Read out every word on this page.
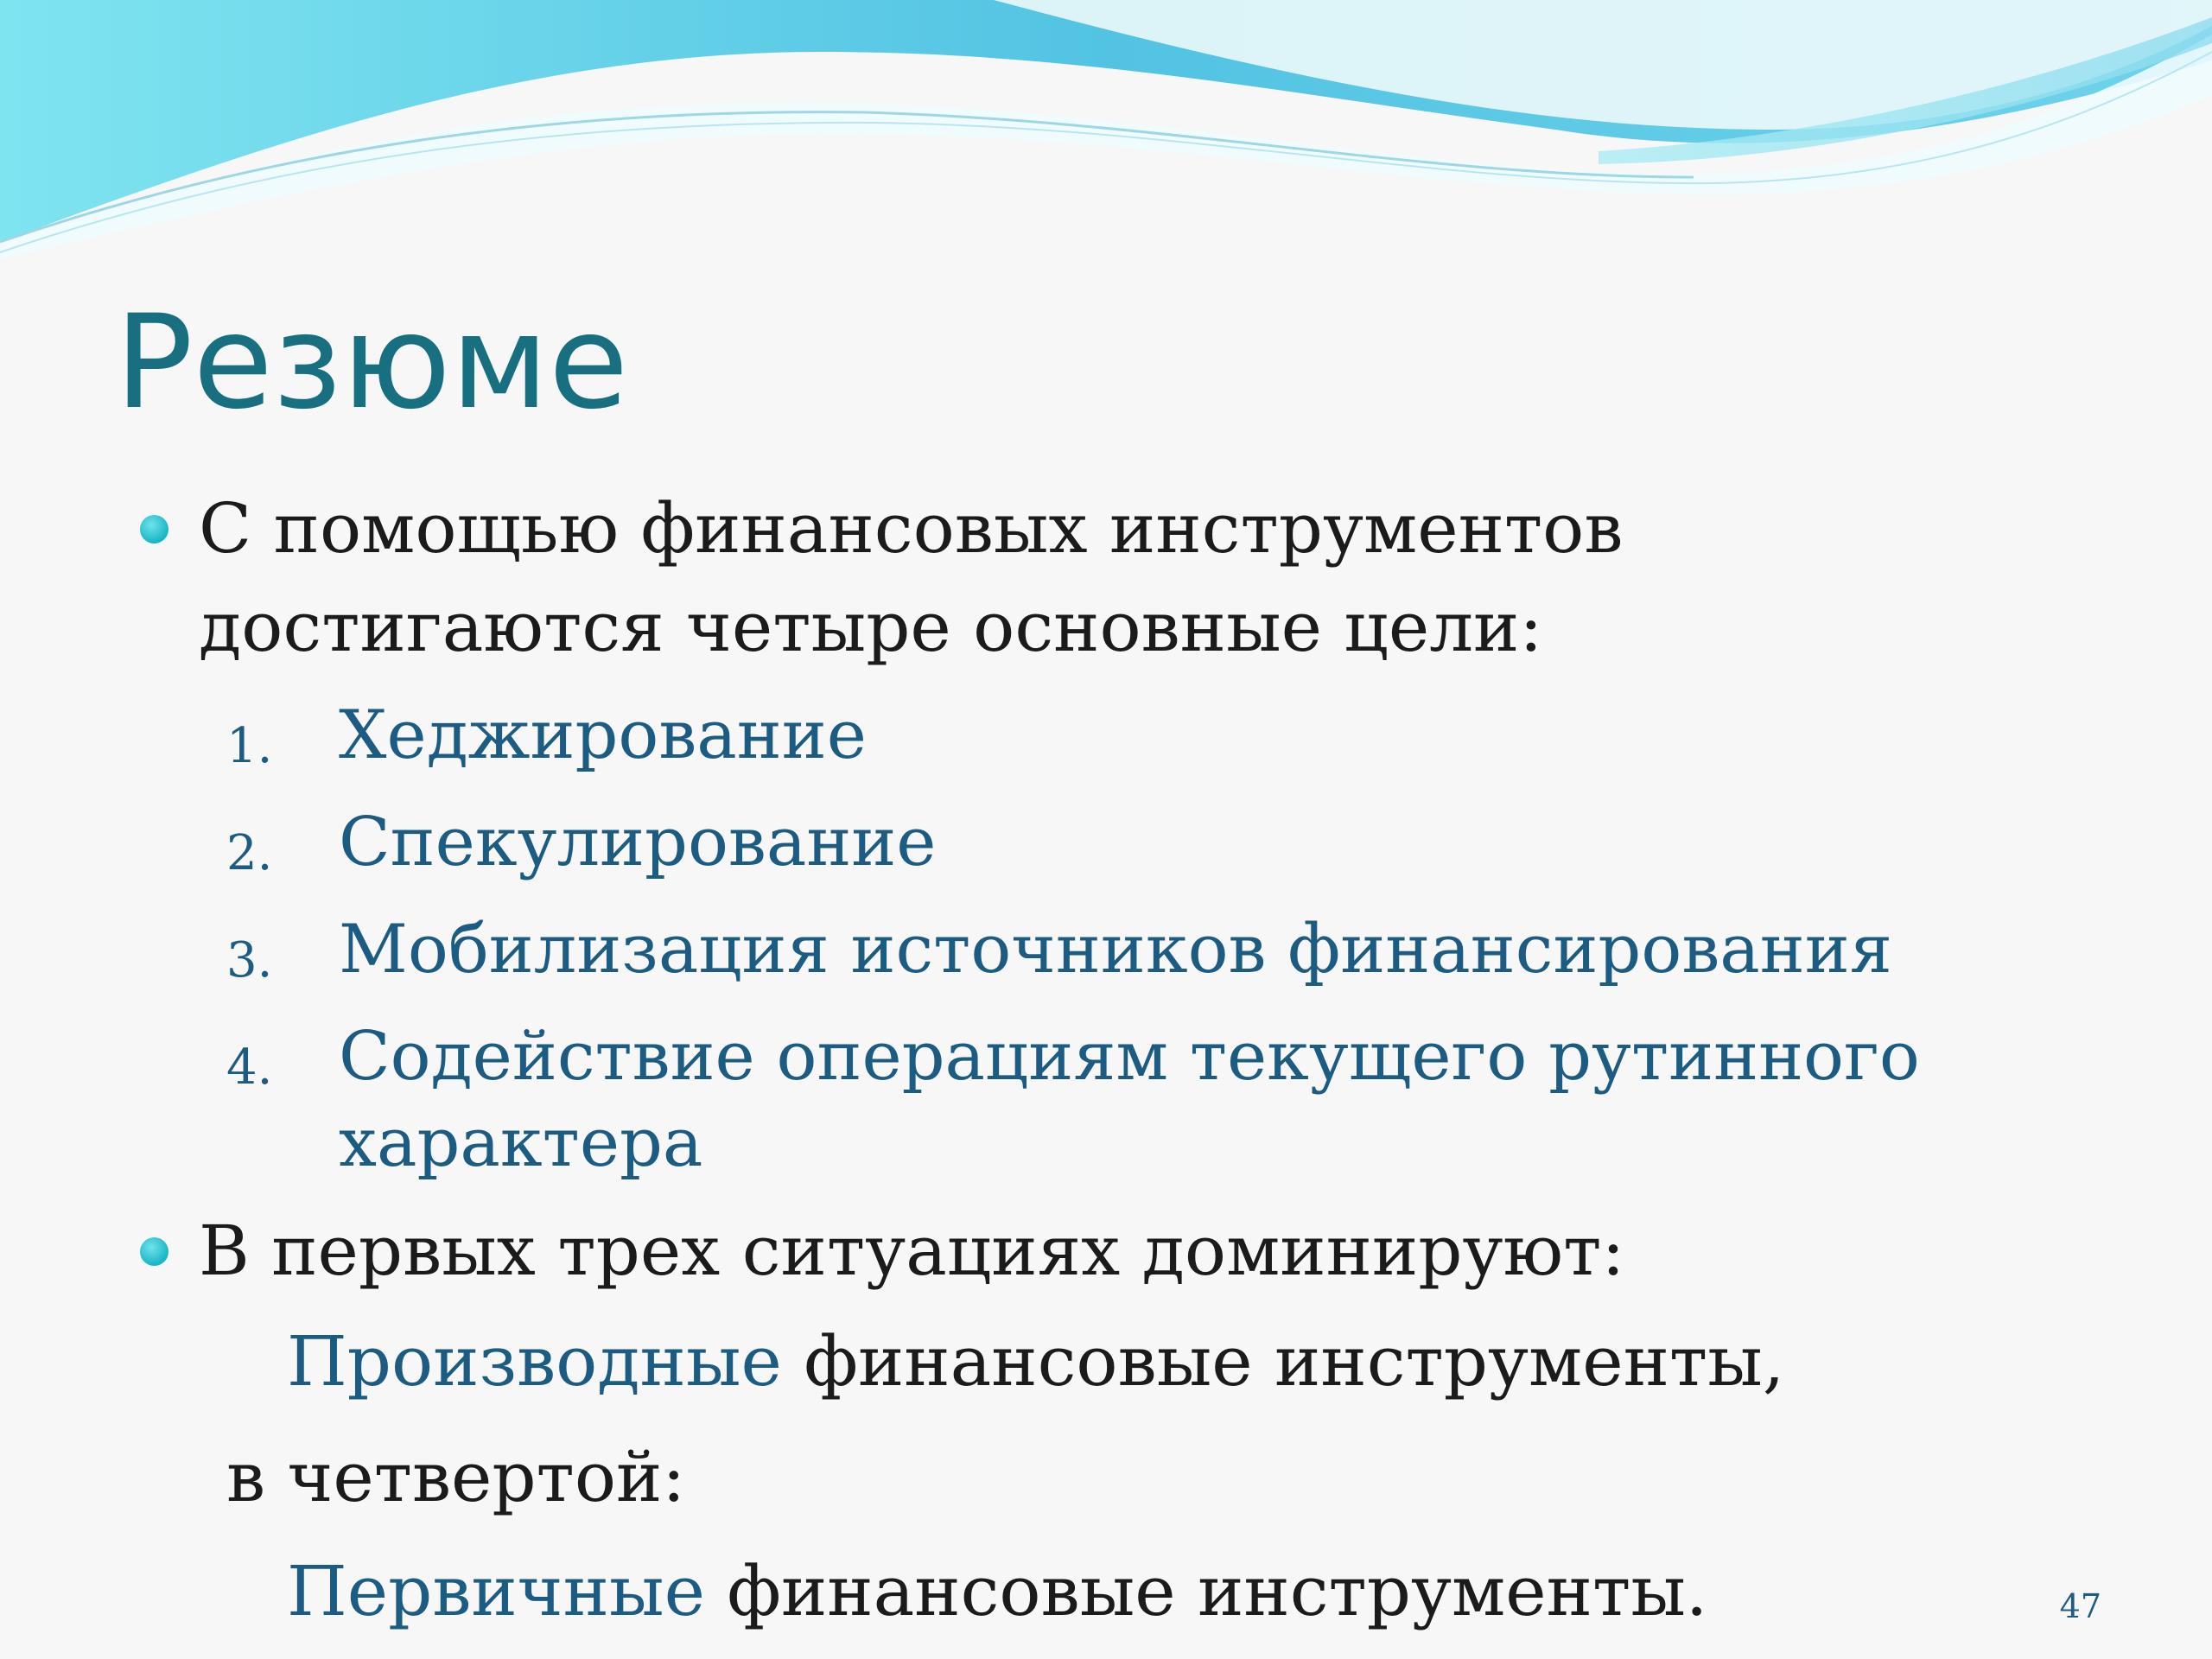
Резюме
С помощью финансовых инструментов
достигаются четыре основные цели:
1. Хеджирование
2. Спекулирование
3. Мобилизация источников финансирования
4. Содействие операциям текущего рутинного
характера
В первых трех ситуациях доминируют:
Производные финансовые инструменты,
в четвертой:
Первичные финансовые инструменты.	47
